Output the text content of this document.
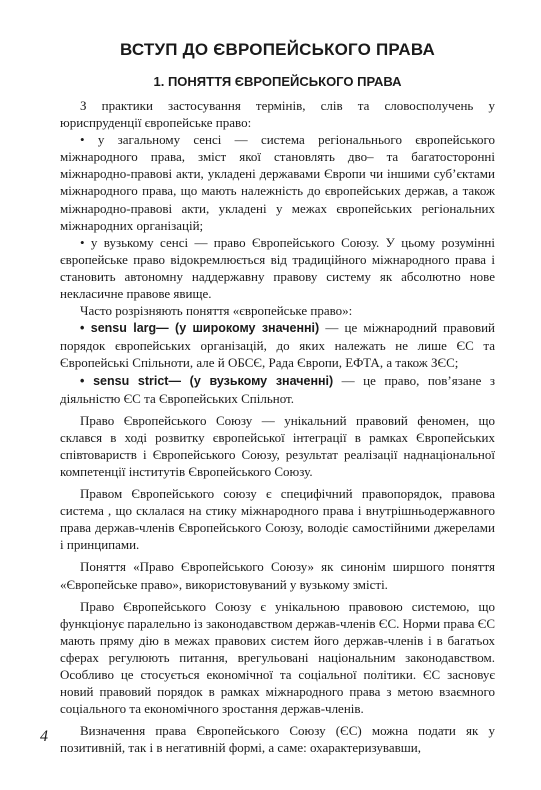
ВСТУП ДО ЄВРОПЕЙСЬКОГО ПРАВА
1. ПОНЯТТЯ ЄВРОПЕЙСЬКОГО ПРАВА

З практики застосування термінів, слів та словосполучень у юриспруденції європейське право:

• у загальному сенсі — система регіональнього європейського міжнародного права, зміст якої становлять дво– та багатосторонні міжнародно-правові акти, укладені державами Європи чи іншими суб’єктами міжнародного права, що мають належність до європейських держав, а також міжнародно-правові акти, укладені у межах європейських регіональних міжнародних організацій;

• у вузькому сенсі — право Європейського Союзу. У цьому розумінні європейське право відокремлюється від традиційного міжнародного права і становить автономну наддержавну правову систему як абсолютно нове некласичне правове явище.

Часто розрізняють поняття «європейське право»:

• sensu larg— (у широкому значенні) — це міжнародний правовий порядок європейських організацій, до яких належать не лише ЄС та Європейські Спільноти, але й ОБСЄ, Рада Європи, ЕФТА, а також ЗЄС;

• sensu strict— (у вузькому значенні) — це право, пов’язане з діяльністю ЄС та Європейських Спільнот.

Право Європейського Союзу — унікальний правовий феномен, що склався в ході розвитку європейської інтеграції в рамках Європейських співтовариств і Європейського Союзу, результат реалізації наднаціональної компетенції інститутів Європейського Союзу.

Правом Європейського союзу є специфічний правопорядок, правова система , що склалася на стику міжнародного права і внутрішньодержавного права держав-членів Європейського Союзу, володіє самостійними джерелами і принципами.

Поняття «Право Європейського Союзу» як синонім ширшого поняття «Європейське право», використовуваний у вузькому змісті.

Право Європейського Союзу є унікальною правовою системою, що функціонує паралельно із законодавством держав-членів ЄС. Норми права ЄС мають пряму дію в межах правових систем його держав-членів і в багатьох сферах регулюють питання, врегульовані національним законодавством. Особливо це стосується економічної та соціальної політики. ЄС засновує новий правовий порядок в рамках міжнародного права з метою взаємного соціального та економічного зростання держав-членів.

Визначення права Європейського Союзу (ЄС) можна подати як у позитивній, так і в негативній формі, а саме: охарактеризувавши,

4
